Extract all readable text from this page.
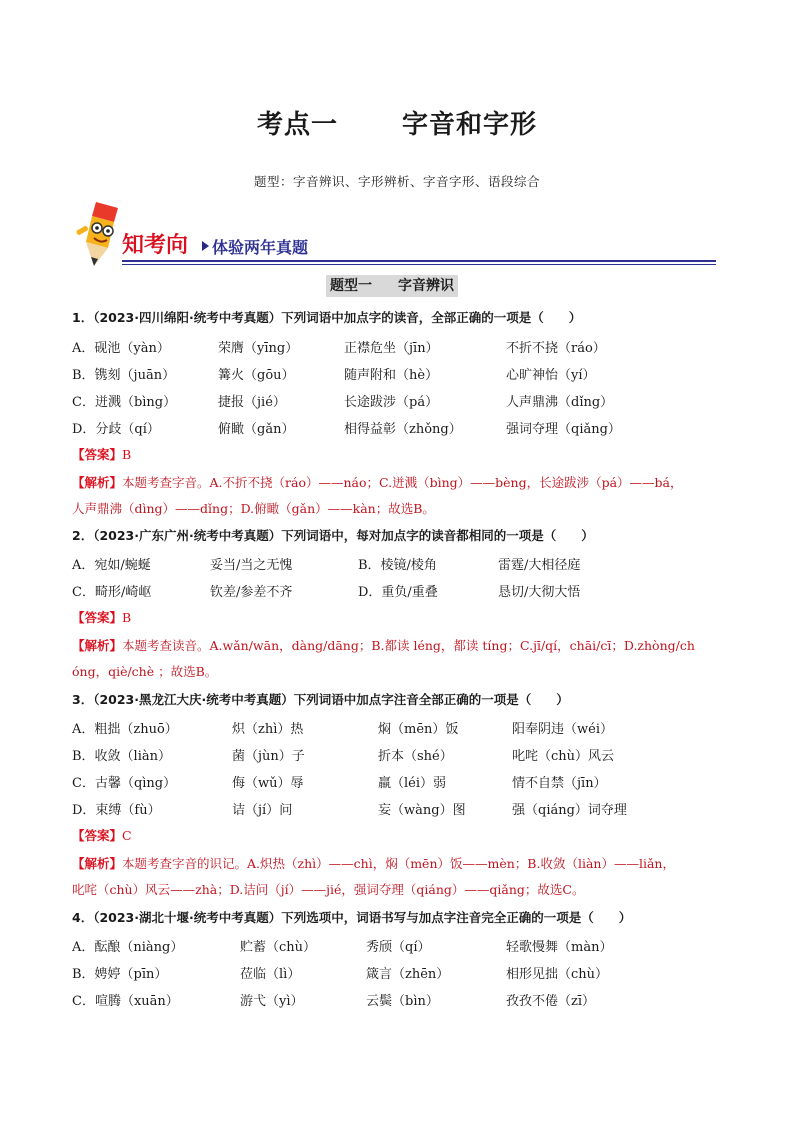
考点一 字音和字形
题型：字音辨识、字形辨析、字音字形、语段综合
知考向 体验两年真题
题型一 字音辨识
1．（2023·四川绵阳·统考中考真题）下列词语中加点字的读音，全部正确的一项是（　　）
A．砚池（yàn）	荣膺（yīng）	正襟危坐（jīn）	不折不挠（ráo）
B．镌刻（juān）	篝火（gōu）	随声附和（hè）	心旷神怡（yí）
C．迸溅（bìng）	捷报（jié）	长途跋涉（pá）	人声鼎沸（dǐng）
D．分歧（qí）	俯瞰（gǎn）	相得益彰（zhǒng）	强词夺理（qiǎng）
【答案】B
【解析】本题考查字音。A.不折不挠（ráo）——náo；C.迸溅（bìng）——bèng，长途跋涉（pá）——bá，
人声鼎沸（dìng）——dǐng；D.俯瞰（gǎn）——kàn；故选B。
2．（2023·广东广州·统考中考真题）下列词语中，每对加点字的读音都相同的一项是（　　）
A．宛如/蜿蜒	妥当/当之无愧	B．棱镜/棱角	雷霆/大相径庭
C．畸形/崎岖	钦差/参差不齐	D．重负/重叠	恳切/大彻大悟
【答案】B
【解析】本题考查读音。A.wǎn/wān，dàng/dāng；B.都读 léng，都读 tíng；C.jī/qí，chāi/cī；D.zhòng/ch
óng，qiè/chè ；故选B。
3．（2023·黑龙江大庆·统考中考真题）下列词语中加点字注音全部正确的一项是（　　）
A．粗拙（zhuō）	炽（zhì）热	焖（mēn）饭	阳奉阴违（wéi）
B．收敛（liàn）	菌（jùn）子	折本（shé）	叱咤（chù）风云
C．古馨（qìng）	侮（wǔ）辱	羸（léi）弱	情不自禁（jīn）
D．束缚（fù）	诘（jí）问	妄（wàng）图	强（qiáng）词夺理
【答案】C
【解析】本题考查字音的识记。A.炽热（zhì）——chì，焖（mēn）饭——mèn；B.收敛（liàn）——liǎn，
叱咤（chù）风云——zhà；D.诘问（jí）——jié，强词夺理（qiáng）——qiǎng；故选C。
4．（2023·湖北十堰·统考中考真题）下列选项中，词语书写与加点字注音完全正确的一项是（　　）
A．酝酿（niàng）	贮蓄（chù）	秀颀（qí）	轻歌慢舞（màn）
B．娉婷（pīn）	莅临（lì）	箴言（zhēn）	相形见拙（chù）
C．喧腾（xuān）	游弋（yì）	云鬓（bìn）	孜孜不倦（zī）
